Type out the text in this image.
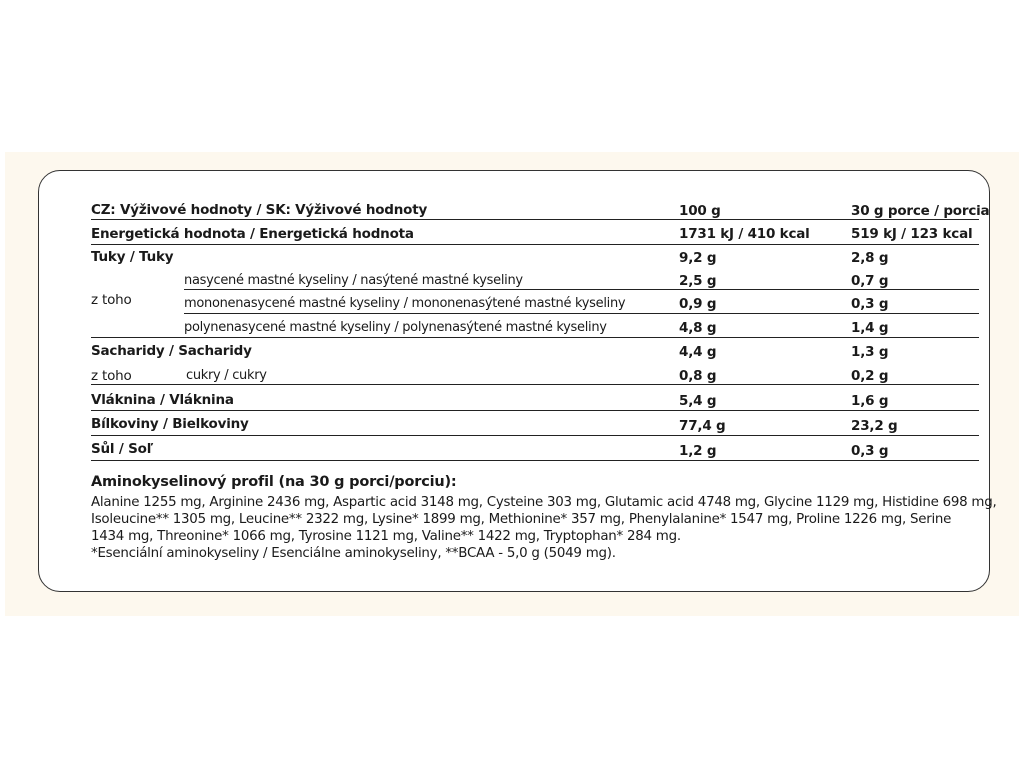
CZ: Výživové hodnoty / SK: Výživové hodnoty	100 g	30 g porce / porcia
Energetická hodnota / Energetická hodnota	1731 kJ / 410 kcal	519 kJ / 123 kcal
Tuky / Tuky	9,2 g	2,8 g
nasycené mastné kyseliny / nasýtené mastné kyseliny	2,5 g	0,7 g
z toho	mononenasycené mastné kyseliny / mononenasýtené mastné kyseliny	0,9 g	0,3 g
polynenasycené mastné kyseliny / polynenasýtené mastné kyseliny	4,8 g	1,4 g
Sacharidy / Sacharidy	4,4 g	1,3 g
z toho	cukry / cukry	0,8 g	0,2 g
Vláknina / Vláknina	5,4 g	1,6 g
Bílkoviny / Bielkoviny	77,4 g	23,2 g
Sůl / Soľ	1,2 g	0,3 g
Aminokyselinový profil (na 30 g porci/porciu):
Alanine 1255 mg, Arginine 2436 mg, Aspartic acid 3148 mg, Cysteine 303 mg, Glutamic acid 4748 mg, Glycine 1129 mg, Histidine 698 mg,
Isoleucine** 1305 mg, Leucine** 2322 mg, Lysine* 1899 mg, Methionine* 357 mg, Phenylalanine* 1547 mg, Proline 1226 mg, Serine
1434 mg, Threonine* 1066 mg, Tyrosine 1121 mg, Valine** 1422 mg, Tryptophan* 284 mg.
*Esenciální aminokyseliny / Esenciálne aminokyseliny, **BCAA - 5,0 g (5049 mg).
